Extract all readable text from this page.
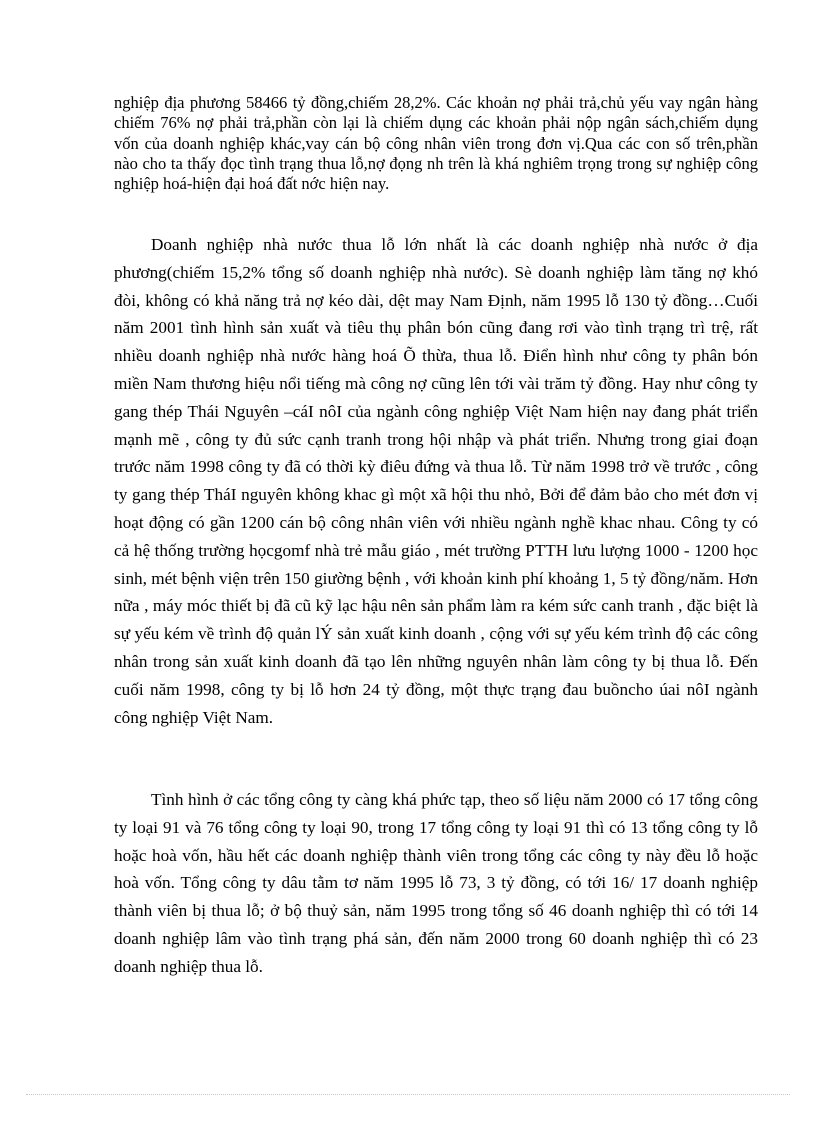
nghiệp địa phương 58466 tỷ đồng,chiếm 28,2%. Các khoản nợ phải trả,chủ yếu vay ngân hàng chiếm 76% nợ phải trả,phần còn lại là chiếm dụng các khoản phải nộp ngân sách,chiếm dụng vốn của doanh nghiệp khác,vay cán bộ công nhân viên trong đơn vị.Qua các con số trên,phần nào cho ta thấy đọc tình trạng thua lỗ,nợ đọng nh trên là khá nghiêm trọng trong sự nghiệp công nghiệp hoá-hiện đại hoá đất nớc hiện nay.

Doanh nghiệp nhà nước thua lỗ lớn nhất là các doanh nghiệp nhà nước ở địa phương(chiếm 15,2% tổng số doanh nghiệp nhà nước). Sè doanh nghiệp làm tăng nợ khó đòi, không có khả năng trả nợ kéo dài, dệt may Nam Định, năm 1995 lỗ 130 tỷ đồng…Cuối năm 2001 tình hình sản xuất và tiêu thụ phân bón cũng đang rơi vào tình trạng trì trệ, rất nhiều doanh nghiệp nhà nước hàng hoá Õ thừa, thua lỗ. Điển hình như công ty phân bón miền Nam thương hiệu nổi tiếng mà công nợ cũng lên tới vài trăm tỷ đồng. Hay như công ty gang thép Thái Nguyên –cáI nôI của ngành công nghiệp Việt Nam hiện nay đang phát triển mạnh mẽ , công ty đủ sức cạnh tranh trong hội nhập và phát triển. Nhưng trong giai đoạn trước năm 1998 công ty đã có thời kỳ điêu đứng và thua lỗ. Từ năm 1998 trở về trước , công ty gang thép TháI nguyên không khac gì một xã hội thu nhỏ, Bởi để đảm bảo cho mét đơn vị hoạt động có gần 1200 cán bộ công nhân viên với nhiều ngành nghề khac nhau. Công ty có cả hệ thống trường họcgomf nhà trẻ mẫu giáo , mét trường PTTH lưu lượng 1000 - 1200 học sinh, mét bệnh viện trên 150 giường bệnh , với khoản kinh phí khoảng 1, 5 tỷ đồng/năm. Hơn nữa , máy móc thiết bị đã cũ kỹ lạc hậu nên sản phẩm làm ra kém sức canh tranh , đặc biệt là sự yếu kém về trình độ quản lÝ sản xuất kinh doanh , cộng với sự yếu kém trình độ các công nhân trong sản xuất kinh doanh đã tạo lên những nguyên nhân làm công ty bị thua lỗ. Đến cuối năm 1998, công ty bị lỗ hơn 24 tỷ đồng, một thực trạng đau buồncho úai nôI ngành công nghiệp Việt Nam.

Tình hình ở các tổng công ty càng khá phức tạp, theo số liệu năm 2000 có 17 tổng công ty loại 91 và 76 tổng công ty loại 90, trong 17 tổng công ty loại 91 thì có 13 tổng công ty lỗ hoặc hoà vốn, hầu hết các doanh nghiệp thành viên trong tổng các công ty này đều lỗ hoặc hoà vốn. Tổng công ty dâu tằm tơ năm 1995 lỗ 73, 3 tỷ đồng, có tới 16/ 17 doanh nghiệp thành viên bị thua lỗ; ở bộ thuỷ sản, năm 1995 trong tổng số 46 doanh nghiệp thì có tới 14 doanh nghiệp lâm vào tình trạng phá sản, đến năm 2000 trong 60 doanh nghiệp thì có 23 doanh nghiệp thua lỗ.
